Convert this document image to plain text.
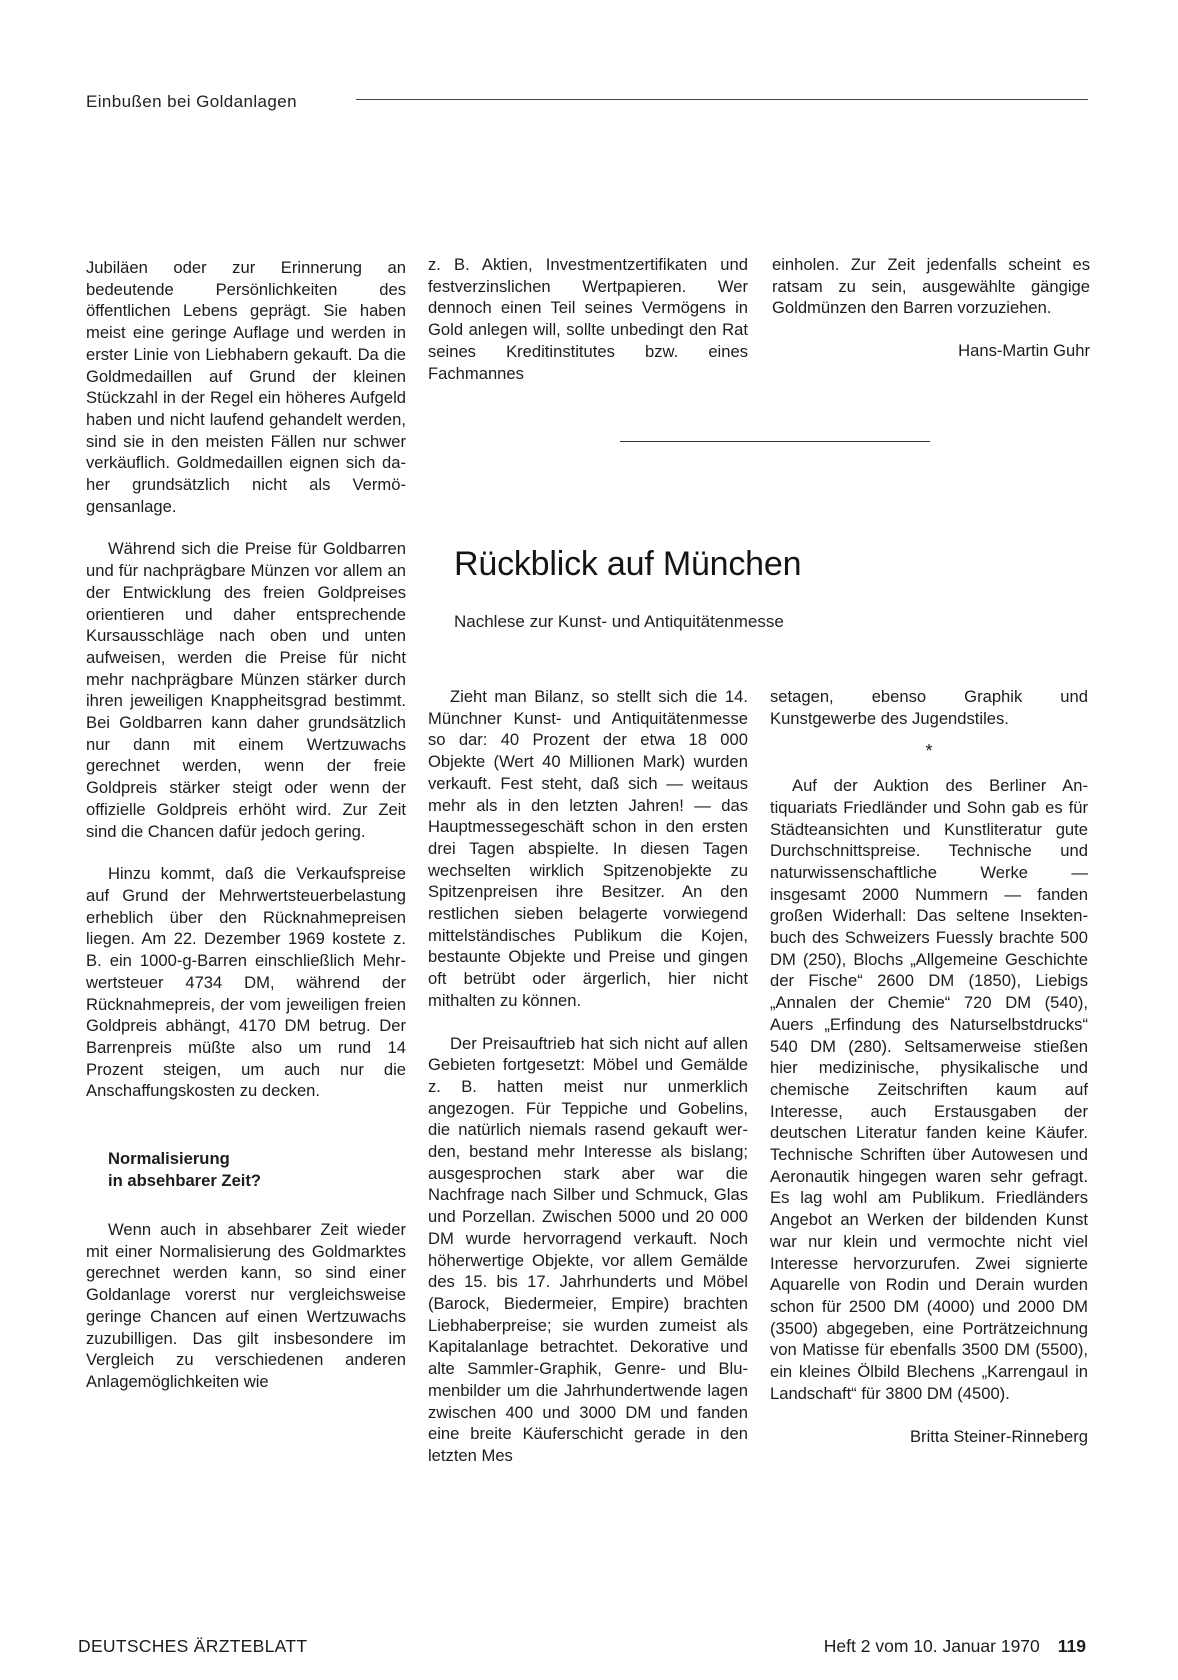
Einbußen bei Goldanlagen

Jubiläen oder zur Erinnerung an bedeutende Persönlichkeiten des öffentlichen Lebens geprägt. Sie haben meist eine geringe Auflage und werden in erster Linie von Liebhabern gekauft. Da die Goldmedaillen auf Grund der kleinen Stückzahl in der Regel ein höheres Aufgeld haben und nicht laufend gehandelt werden, sind sie in den meisten Fällen nur schwer verkäuflich. Goldmedaillen eignen sich daher grundsätzlich nicht als Vermögensanlage.

Während sich die Preise für Goldbarren und für nachprägbare Münzen vor allem an der Entwicklung des freien Goldpreises orientieren und daher entsprechende Kursausschläge nach oben und unten aufweisen, werden die Preise für nicht mehr nachprägbare Münzen stärker durch ihren jeweiligen Knappheitsgrad bestimmt. Bei Goldbarren kann daher grundsätzlich nur dann mit einem Wertzuwachs gerechnet werden, wenn der freie Goldpreis stärker steigt oder wenn der offizielle Goldpreis erhöht wird. Zur Zeit sind die Chancen dafür jedoch gering.

Hinzu kommt, daß die Verkaufspreise auf Grund der Mehrwertsteuerbelastung erheblich über den Rücknahmepreisen liegen. Am 22. Dezember 1969 kostete z. B. ein 1000-g-Barren einschließlich Mehrwertsteuer 4734 DM, während der Rücknahmepreis, der vom jeweiligen freien Goldpreis abhängt, 4170 DM betrug. Der Barrenpreis müßte also um rund 14 Prozent steigen, um auch nur die Anschaffungskosten zu decken.

Normalisierung
in absehbarer Zeit?

Wenn auch in absehbarer Zeit wieder mit einer Normalisierung des Goldmarktes gerechnet werden kann, so sind einer Goldanlage vorerst nur vergleichsweise geringe Chancen auf einen Wertzuwachs zuzubilligen. Das gilt insbesondere im Vergleich zu verschiedenen anderen Anlagemöglichkeiten wie

z. B. Aktien, Investmentzertifikaten und festverzinslichen Wertpapieren. Wer dennoch einen Teil seines Vermögens in Gold anlegen will, sollte unbedingt den Rat seines Kreditinstitutes bzw. eines Fachmannes

einholen. Zur Zeit jedenfalls scheint es ratsam zu sein, ausgewählte gängige Goldmünzen den Barren vorzuziehen.

Hans-Martin Guhr
Rückblick auf München
Nachlese zur Kunst- und Antiquitätenmesse

Zieht man Bilanz, so stellt sich die 14. Münchner Kunst- und Antiquitätenmesse so dar: 40 Prozent der etwa 18 000 Objekte (Wert 40 Millionen Mark) wurden verkauft. Fest steht, daß sich — weitaus mehr als in den letzten Jahren! — das Hauptmessegeschäft schon in den ersten drei Tagen abspielte. In diesen Tagen wechselten wirklich Spitzenobjekte zu Spitzenpreisen ihre Besitzer. An den restlichen sieben belagerte vorwiegend mittelständisches Publikum die Kojen, bestaunte Objekte und Preise und gingen oft betrübt oder ärgerlich, hier nicht mithalten zu können.

Der Preisauftrieb hat sich nicht auf allen Gebieten fortgesetzt: Möbel und Gemälde z. B. hatten meist nur unmerklich angezogen. Für Teppiche und Gobelins, die natürlich niemals rasend gekauft werden, bestand mehr Interesse als bislang; ausgesprochen stark aber war die Nachfrage nach Silber und Schmuck, Glas und Porzellan. Zwischen 5000 und 20 000 DM wurde hervorragend verkauft. Noch höherwertige Objekte, vor allem Gemälde des 15. bis 17. Jahrhunderts und Möbel (Barock, Biedermeier, Empire) brachten Liebhaberpreise; sie wurden zumeist als Kapitalanlage betrachtet. Dekorative und alte Sammler-Graphik, Genre- und Blumenbilder um die Jahrhundertwende lagen zwischen 400 und 3000 DM und fanden eine breite Käuferschicht gerade in den letzten Mes

setagen, ebenso Graphik und Kunstgewerbe des Jugendstiles.

*

Auf der Auktion des Berliner Antiquariats Friedländer und Sohn gab es für Städteansichten und Kunstliteratur gute Durchschnittspreise. Technische und naturwissenschaftliche Werke — insgesamt 2000 Nummern — fanden großen Widerhall: Das seltene Insektenbuch des Schweizers Fuessly brachte 500 DM (250), Blochs „Allgemeine Geschichte der Fische“ 2600 DM (1850), Liebigs „Annalen der Chemie“ 720 DM (540), Auers „Erfindung des Naturselbstdrucks“ 540 DM (280). Seltsamerweise stießen hier medizinische, physikalische und chemische Zeitschriften kaum auf Interesse, auch Erstausgaben der deutschen Literatur fanden keine Käufer. Technische Schriften über Autowesen und Aeronautik hingegen waren sehr gefragt. Es lag wohl am Publikum. Friedländers Angebot an Werken der bildenden Kunst war nur klein und vermochte nicht viel Interesse hervorzurufen. Zwei signierte Aquarelle von Rodin und Derain wurden schon für 2500 DM (4000) und 2000 DM (3500) abgegeben, eine Porträtzeichnung von Matisse für ebenfalls 3500 DM (5500), ein kleines Ölbild Blechens „Karrengaul in Landschaft“ für 3800 DM (4500).

Britta Steiner-Rinneberg
DEUTSCHES ÄRZTEBLATT	Heft 2 vom 10. Januar 1970 119
